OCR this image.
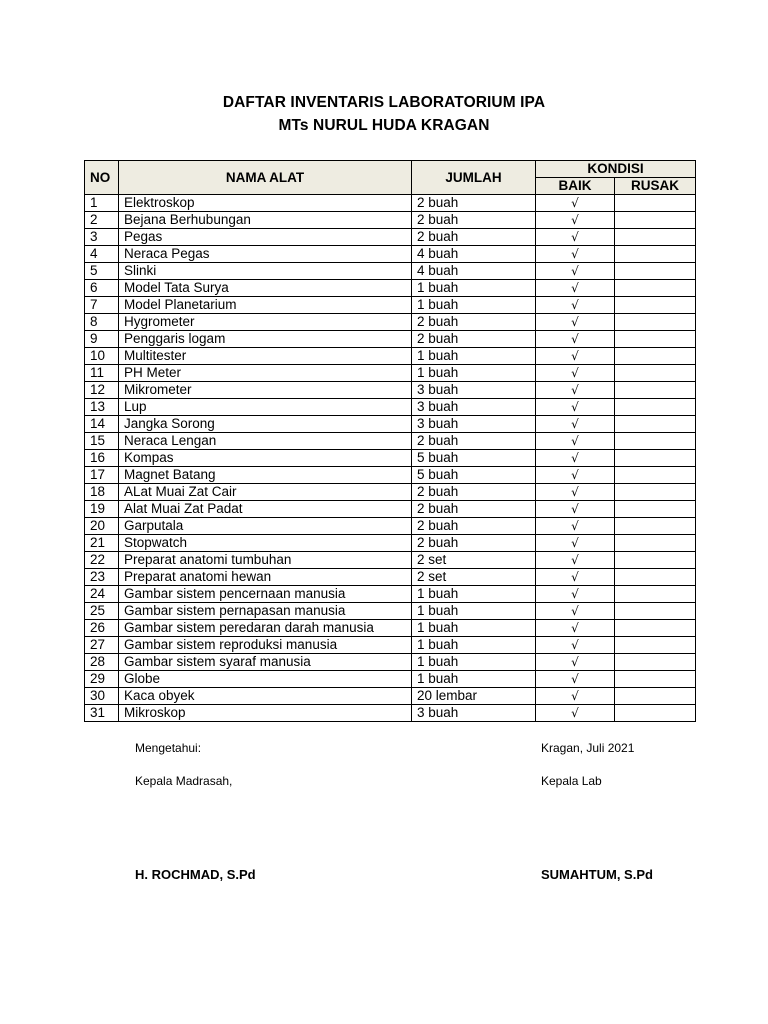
DAFTAR INVENTARIS LABORATORIUM IPA
MTs NURUL HUDA KRAGAN
NO	NAMA ALAT	JUMLAH	KONDISI	
			BAIK	RUSAK
1	Elektroskop	2 buah	√	
2	Bejana Berhubungan	2 buah	√	
3	Pegas	2 buah	√	
4	Neraca Pegas	4 buah	√	
5	Slinki	4 buah	√	
6	Model Tata Surya	1 buah	√	
7	Model Planetarium	1 buah	√	
8	Hygrometer	2 buah	√	
9	Penggaris logam	2 buah	√	
10	Multitester	1 buah	√	
11	PH Meter	1 buah	√	
12	Mikrometer	3 buah	√	
13	Lup	3 buah	√	
14	Jangka Sorong	3 buah	√	
15	Neraca Lengan	2 buah	√	
16	Kompas	5 buah	√	
17	Magnet Batang	5 buah	√	
18	ALat Muai Zat Cair	2 buah	√	
19	Alat Muai Zat Padat	2 buah	√	
20	Garputala	2 buah	√	
21	Stopwatch	2 buah	√	
22	Preparat anatomi tumbuhan	2 set	√	
23	Preparat anatomi hewan	2 set	√	
24	Gambar sistem pencernaan manusia	1 buah	√	
25	Gambar sistem pernapasan manusia	1 buah	√	
26	Gambar sistem peredaran darah manusia	1 buah	√	
27	Gambar sistem reproduksi manusia	1 buah	√	
28	Gambar sistem syaraf manusia	1 buah	√	
29	Globe	1 buah	√	
30	Kaca obyek	20 lembar	√	
31	Mikroskop	3 buah	√	
Mengetahui:
Kepala Madrasah,
H. ROCHMAD, S.Pd
Kragan, Juli 2021
Kepala Lab
SUMAHTUM, S.Pd
